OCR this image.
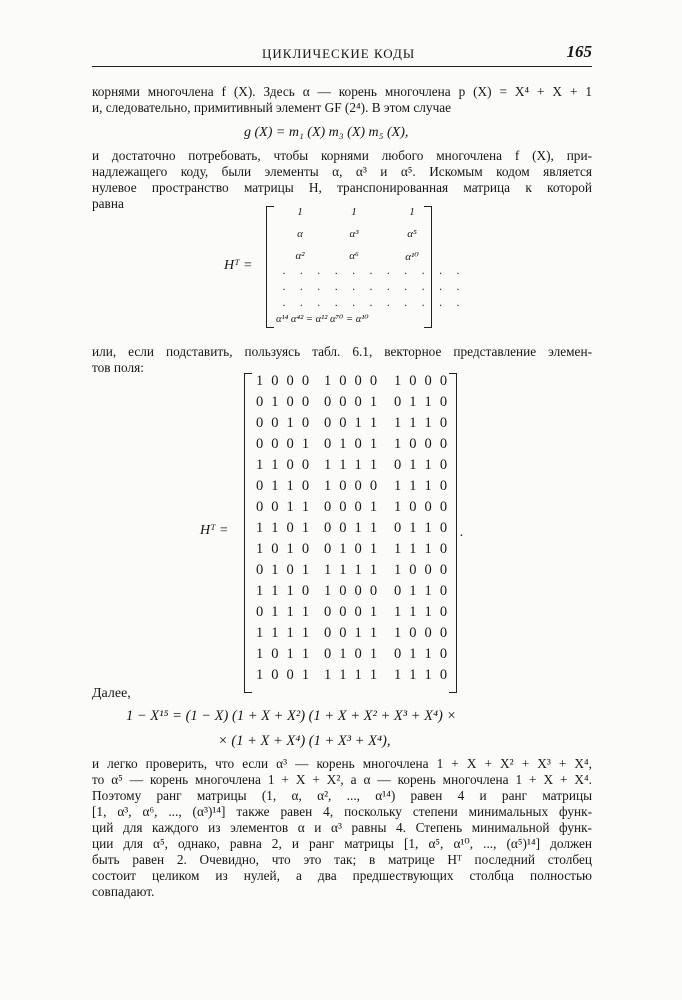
ЦИКЛИЧЕСКИЕ КОДЫ	165
корнями многочлена f (X). Здесь α — корень многочлена p (X) = X⁴ + X + 1
и, следовательно, примитивный элемент GF (2⁴). В этом случае
g (X) = m₁ (X) m₃ (X) m₅ (X),
и достаточно потребовать, чтобы корнями любого многочлена f (X), при-
надлежащего коду, были элементы α, α³ и α⁵. Искомым кодом является
нулевое пространство матрицы H, транспонированная матрица к которой
равна
Hᵀ =
1	1	1
α	α³	α⁵
α²	α⁶	α¹⁰
· · · · · · · · · · ·
· · · · · · · · · · ·
· · · · · · · · · · ·
α¹⁴ α⁴² = α¹² α⁷⁰ = α¹⁰
или, если подставить, пользуясь табл. 6.1, векторное представление элемен-
тов поля:
Hᵀ =	.
1 0 0 0 1 0 0 0 1 0 0 0
0 1 0 0 0 0 0 1 0 1 1 0
0 0 1 0 0 0 1 1 1 1 1 0
0 0 0 1 0 1 0 1 1 0 0 0
1 1 0 0 1 1 1 1 0 1 1 0
0 1 1 0 1 0 0 0 1 1 1 0
0 0 1 1 0 0 0 1 1 0 0 0
1 1 0 1 0 0 1 1 0 1 1 0
1 0 1 0 0 1 0 1 1 1 1 0
0 1 0 1 1 1 1 1 1 0 0 0
1 1 1 0 1 0 0 0 0 1 1 0
0 1 1 1 0 0 0 1 1 1 1 0
1 1 1 1 0 0 1 1 1 0 0 0
1 0 1 1 0 1 0 1 0 1 1 0
1 0 0 1 1 1 1 1 1 1 1 0
Далее,
1 − X¹⁵ = (1 − X) (1 + X + X²) (1 + X + X² + X³ + X⁴) ×
× (1 + X + X⁴) (1 + X³ + X⁴),
и легко проверить, что если α³ — корень многочлена 1 + X + X² + X³ + X⁴,
то α⁵ — корень многочлена 1 + X + X², а α — корень многочлена 1 + X + X⁴.
Поэтому ранг матрицы (1, α, α², ..., α¹⁴) равен 4 и ранг матрицы
[1, α³, α⁶, ..., (α³)¹⁴] также равен 4, поскольку степени минимальных функ-
ций для каждого из элементов α и α³ равны 4. Степень минимальной функ-
ции для α⁵, однако, равна 2, и ранг матрицы [1, α⁵, α¹⁰, ..., (α⁵)¹⁴] должен
быть равен 2. Очевидно, что это так; в матрице Hᵀ последний столбец
состоит целиком из нулей, а два предшествующих столбца полностью
совпадают.
